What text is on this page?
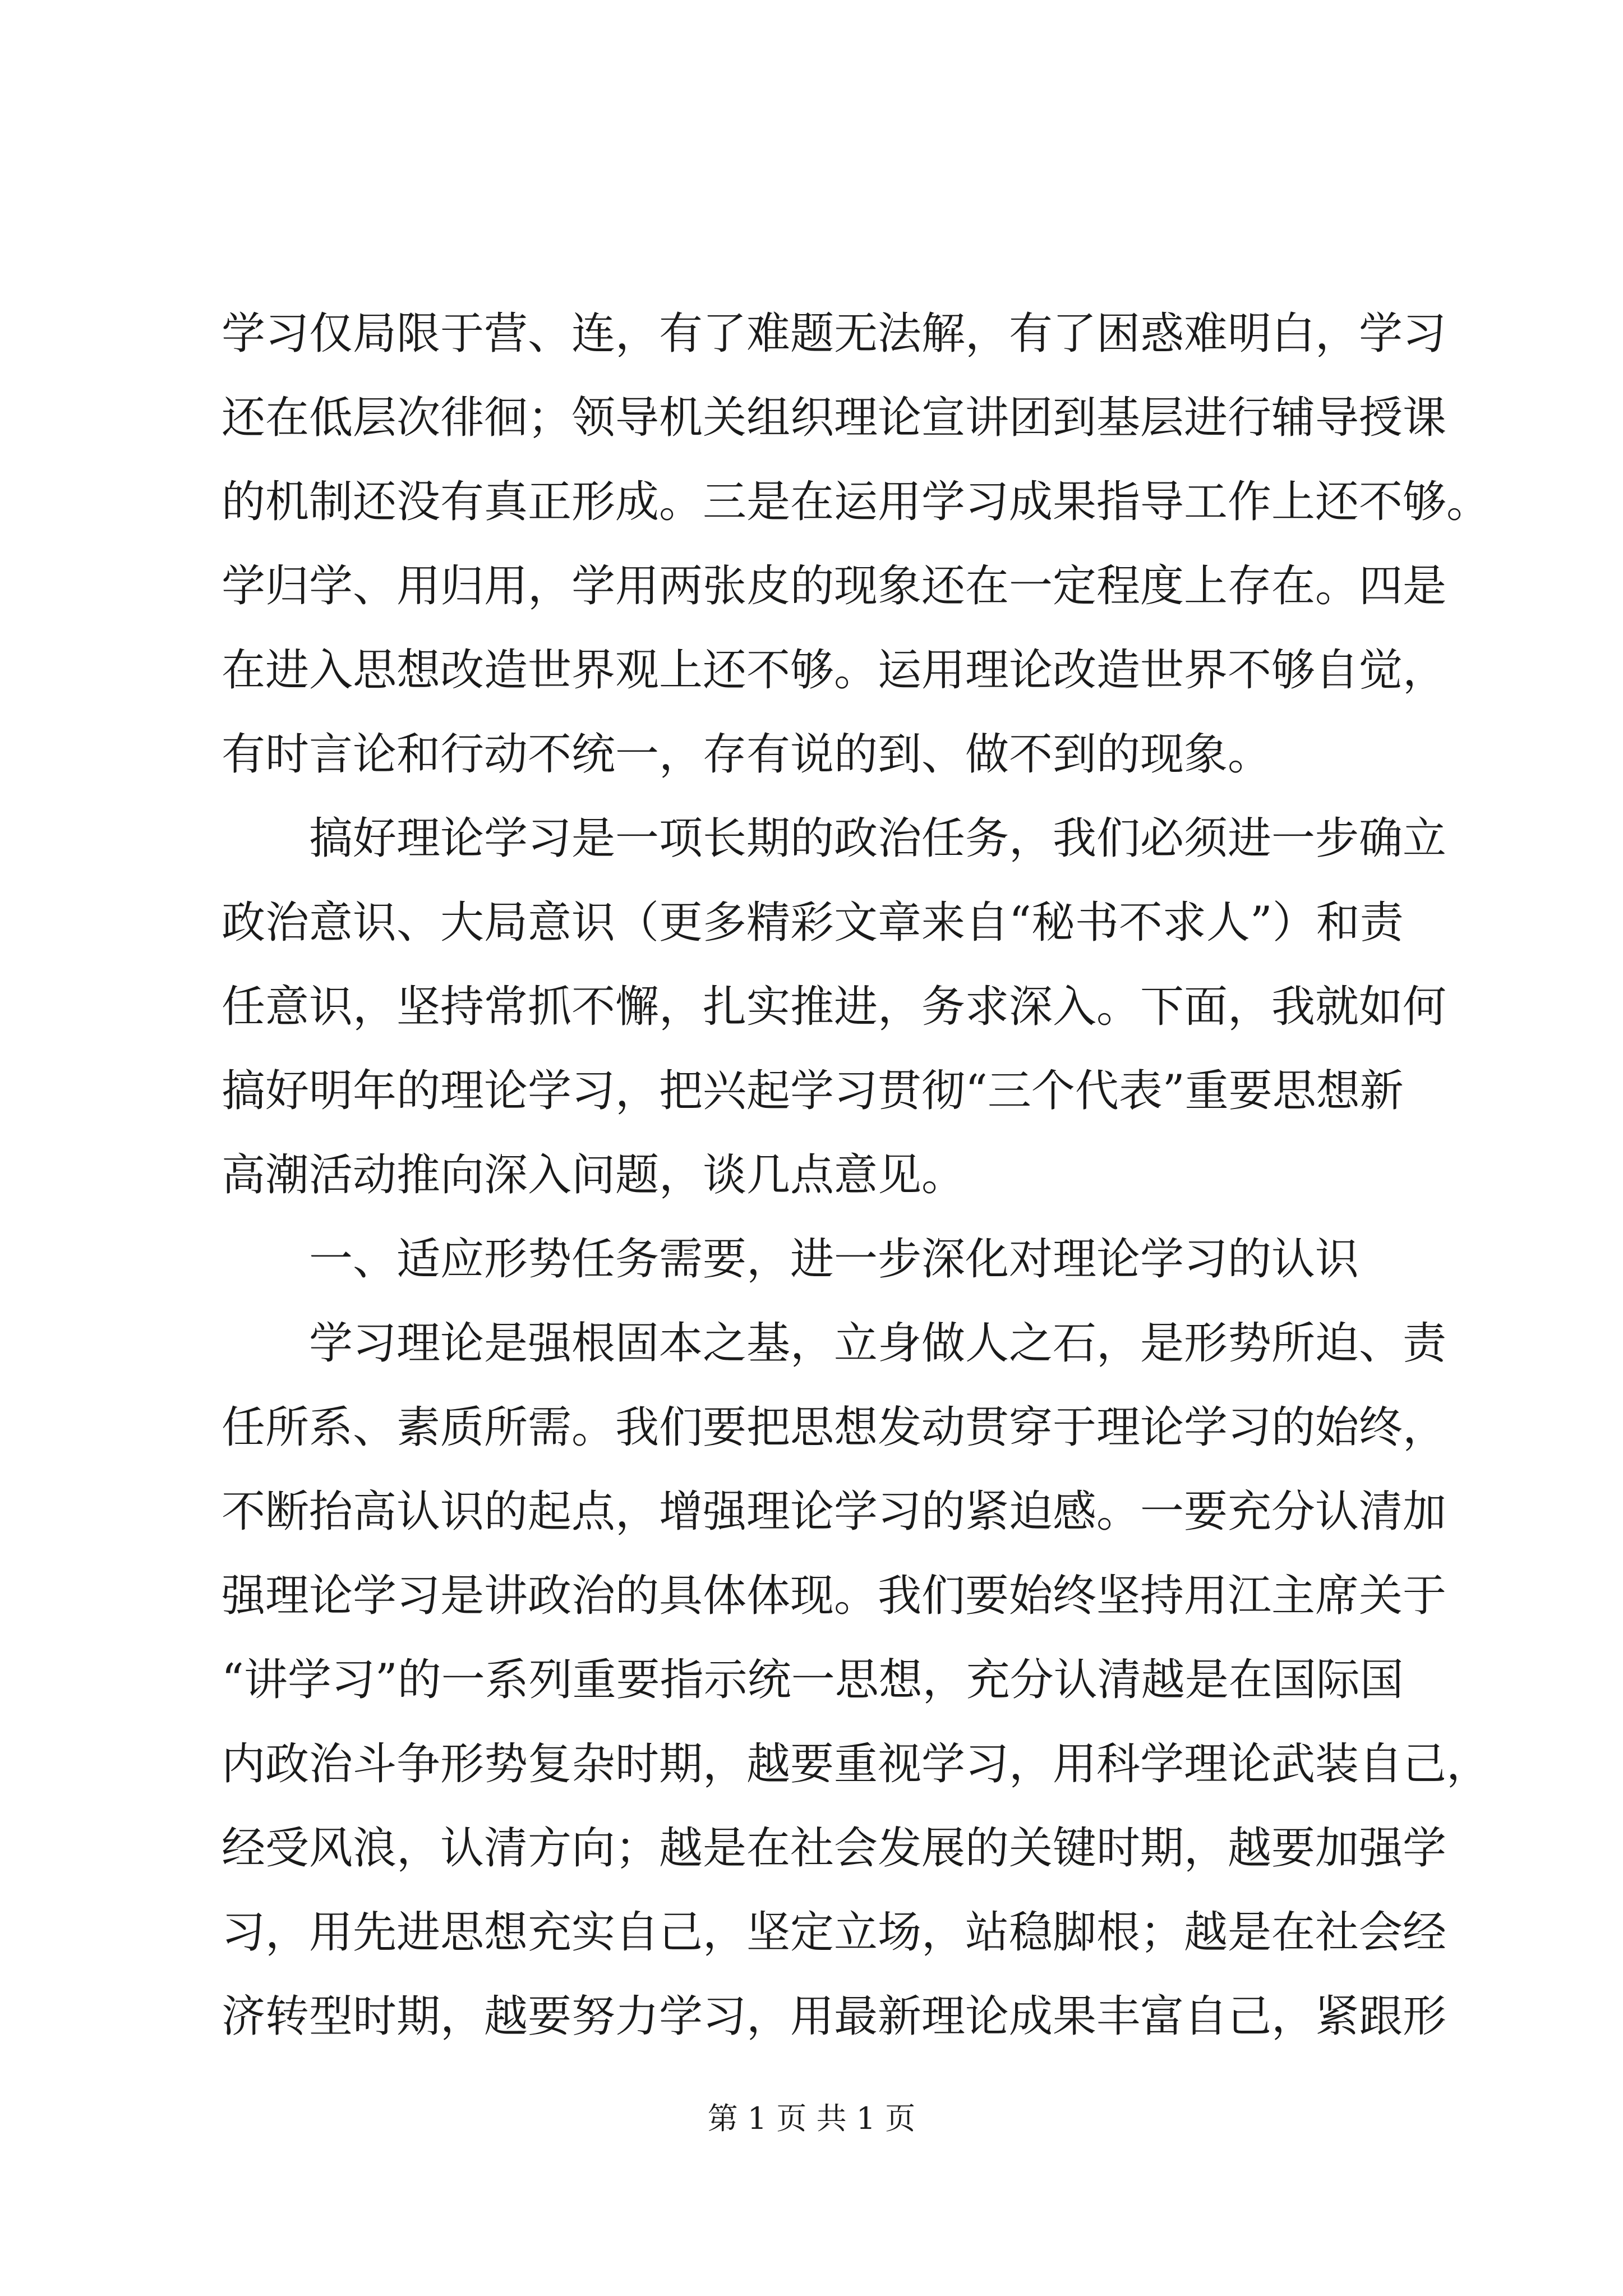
学习仅局限于营、连，有了难题无法解，有了困惑难明白，学习
还在低层次徘徊；领导机关组织理论宣讲团到基层进行辅导授课
的机制还没有真正形成。三是在运用学习成果指导工作上还不够。
学归学、用归用，学用两张皮的现象还在一定程度上存在。四是
在进入思想改造世界观上还不够。运用理论改造世界不够自觉，
有时言论和行动不统一，存有说的到、做不到的现象。
　　搞好理论学习是一项长期的政治任务，我们必须进一步确立
政治意识、大局意识（更多精彩文章来自“秘书不求人”）和责
任意识，坚持常抓不懈，扎实推进，务求深入。下面，我就如何
搞好明年的理论学习，把兴起学习贯彻“三个代表”重要思想新
高潮活动推向深入问题，谈几点意见。
　　一、适应形势任务需要，进一步深化对理论学习的认识
　　学习理论是强根固本之基，立身做人之石，是形势所迫、责
任所系、素质所需。我们要把思想发动贯穿于理论学习的始终，
不断抬高认识的起点，增强理论学习的紧迫感。一要充分认清加
强理论学习是讲政治的具体体现。我们要始终坚持用江主席关于
“讲学习”的一系列重要指示统一思想，充分认清越是在国际国
内政治斗争形势复杂时期，越要重视学习，用科学理论武装自己，
经受风浪，认清方向；越是在社会发展的关键时期，越要加强学
习，用先进思想充实自己，坚定立场，站稳脚根；越是在社会经
济转型时期，越要努力学习，用最新理论成果丰富自己，紧跟形
第 1 页 共 1 页
